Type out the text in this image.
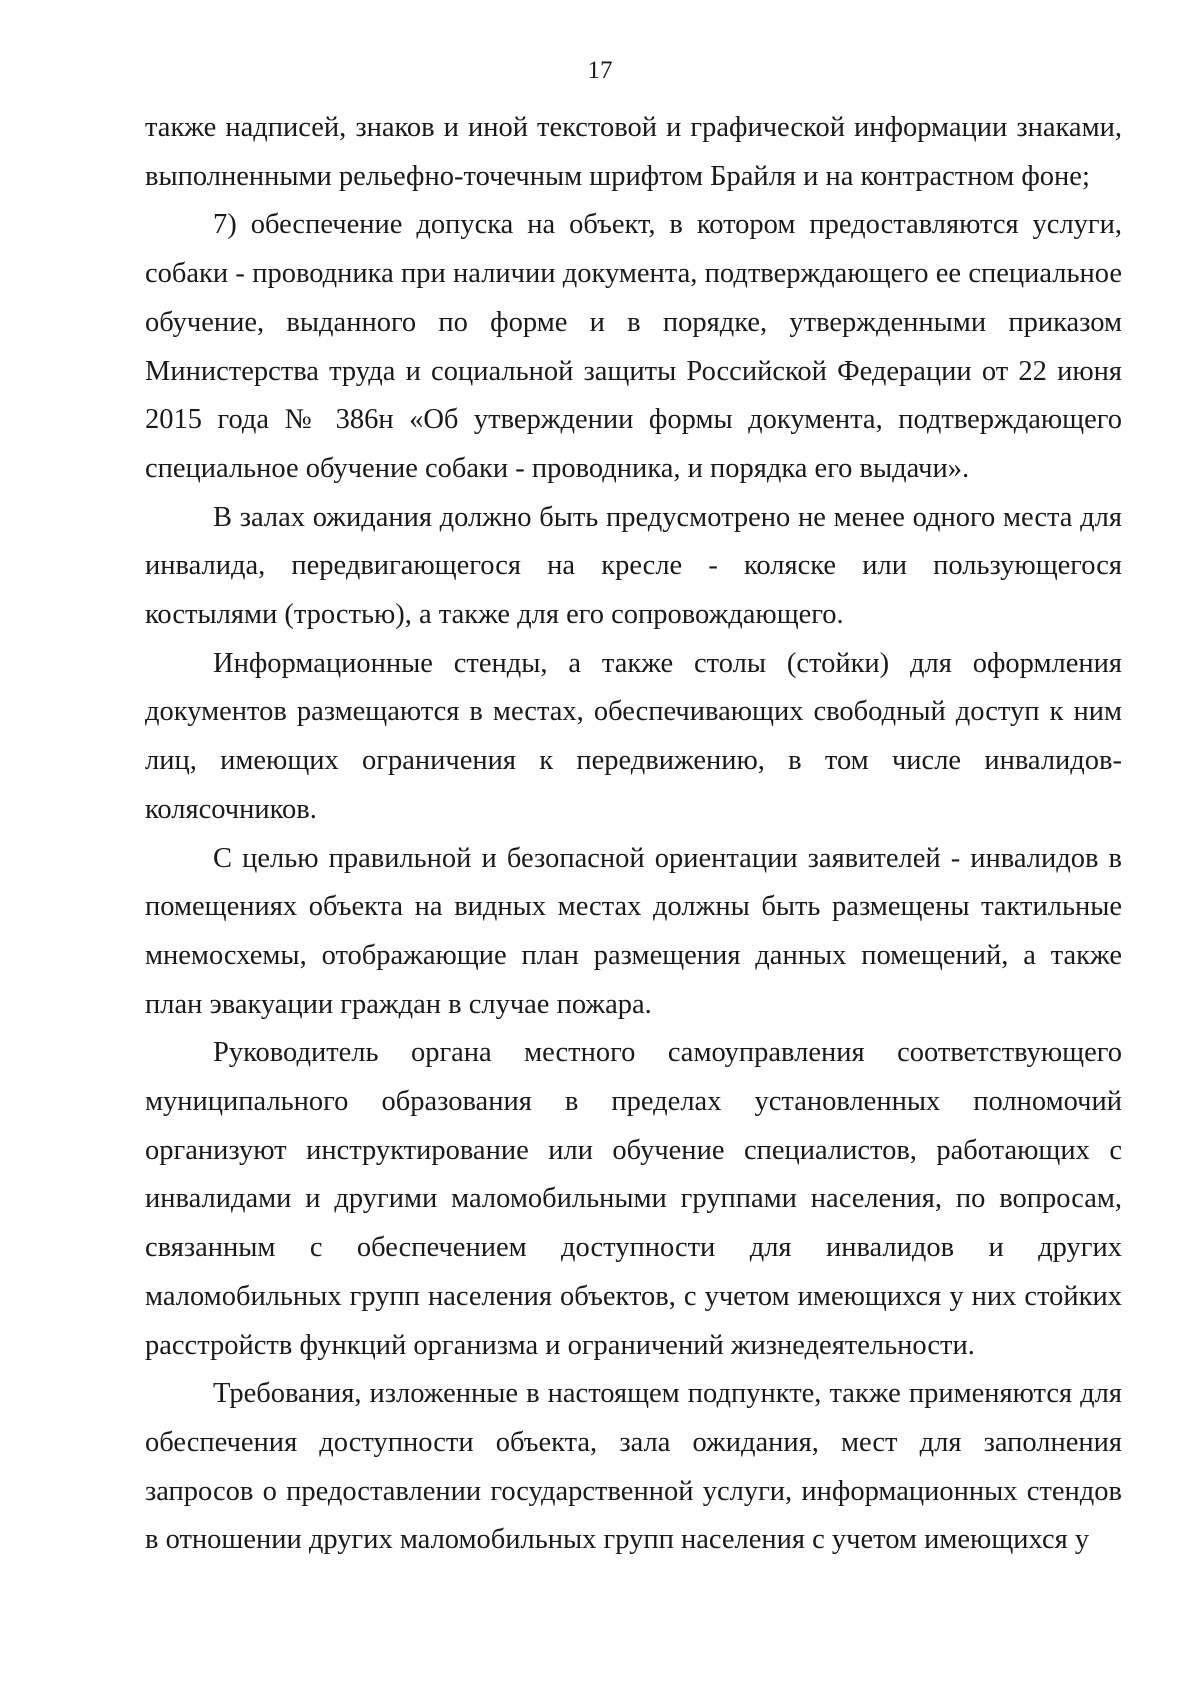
17

также надписей, знаков и иной текстовой и графической информации знаками, выполненными рельефно-точечным шрифтом Брайля и на контрастном фоне;

7) обеспечение допуска на объект, в котором предоставляются услуги, собаки - проводника при наличии документа, подтверждающего ее специальное обучение, выданного по форме и в порядке, утвержденными приказом Министерства труда и социальной защиты Российской Федерации от 22 июня 2015 года № 386н «Об утверждении формы документа, подтверждающего специальное обучение собаки - проводника, и порядка его выдачи».

В залах ожидания должно быть предусмотрено не менее одного места для инвалида, передвигающегося на кресле - коляске или пользующегося костылями (тростью), а также для его сопровождающего.

Информационные стенды, а также столы (стойки) для оформления документов размещаются в местах, обеспечивающих свободный доступ к ним лиц, имеющих ограничения к передвижению, в том числе инвалидов-колясочников.

С целью правильной и безопасной ориентации заявителей - инвалидов в помещениях объекта на видных местах должны быть размещены тактильные мнемосхемы, отображающие план размещения данных помещений, а также план эвакуации граждан в случае пожара.

Руководитель органа местного самоуправления соответствующего муниципального образования в пределах установленных полномочий организуют инструктирование или обучение специалистов, работающих с инвалидами и другими маломобильными группами населения, по вопросам, связанным с обеспечением доступности для инвалидов и других маломобильных групп населения объектов, с учетом имеющихся у них стойких расстройств функций организма и ограничений жизнедеятельности.

Требования, изложенные в настоящем подпункте, также применяются для обеспечения доступности объекта, зала ожидания, мест для заполнения запросов о предоставлении государственной услуги, информационных стендов в отношении других маломобильных групп населения с учетом имеющихся у
